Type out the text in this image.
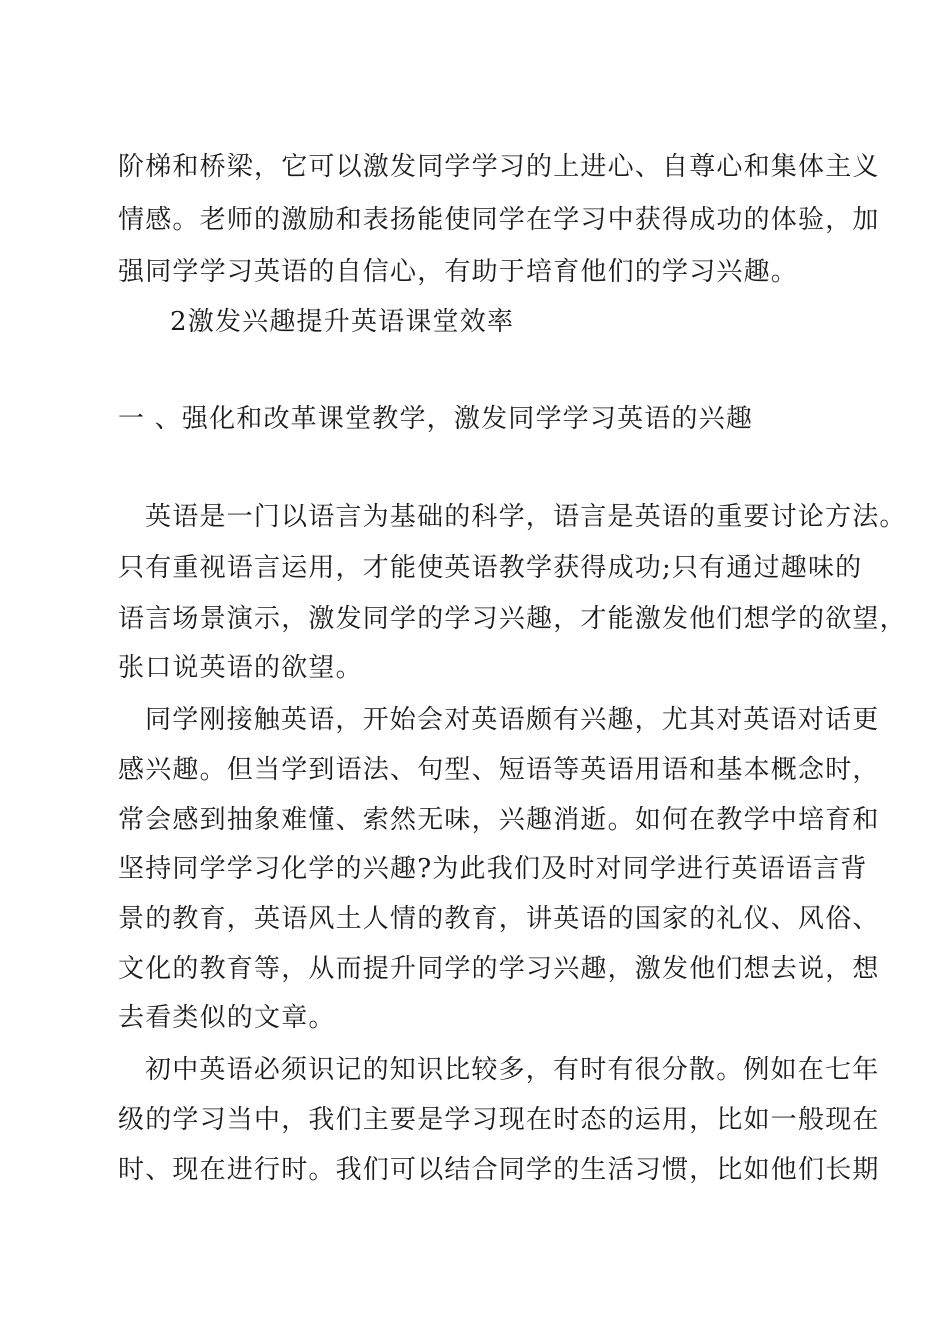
阶梯和桥梁，它可以激发同学学习的上进心、自尊心和集体主义
情感。老师的激励和表扬能使同学在学习中获得成功的体验，加
强同学学习英语的自信心，有助于培育他们的学习兴趣。
2激发兴趣提升英语课堂效率
一 、强化和改革课堂教学，激发同学学习英语的兴趣
英语是一门以语言为基础的科学，语言是英语的重要讨论方法。
只有重视语言运用，才能使英语教学获得成功;只有通过趣味的
语言场景演示，激发同学的学习兴趣，才能激发他们想学的欲望，
张口说英语的欲望。
同学刚接触英语，开始会对英语颇有兴趣，尤其对英语对话更
感兴趣。但当学到语法、句型、短语等英语用语和基本概念时，
常会感到抽象难懂、索然无味，兴趣消逝。如何在教学中培育和
坚持同学学习化学的兴趣?为此我们及时对同学进行英语语言背
景的教育，英语风土人情的教育，讲英语的国家的礼仪、风俗、
文化的教育等，从而提升同学的学习兴趣，激发他们想去说，想
去看类似的文章。
初中英语必须识记的知识比较多，有时有很分散。例如在七年
级的学习当中，我们主要是学习现在时态的运用，比如一般现在
时、现在进行时。我们可以结合同学的生活习惯，比如他们长期
